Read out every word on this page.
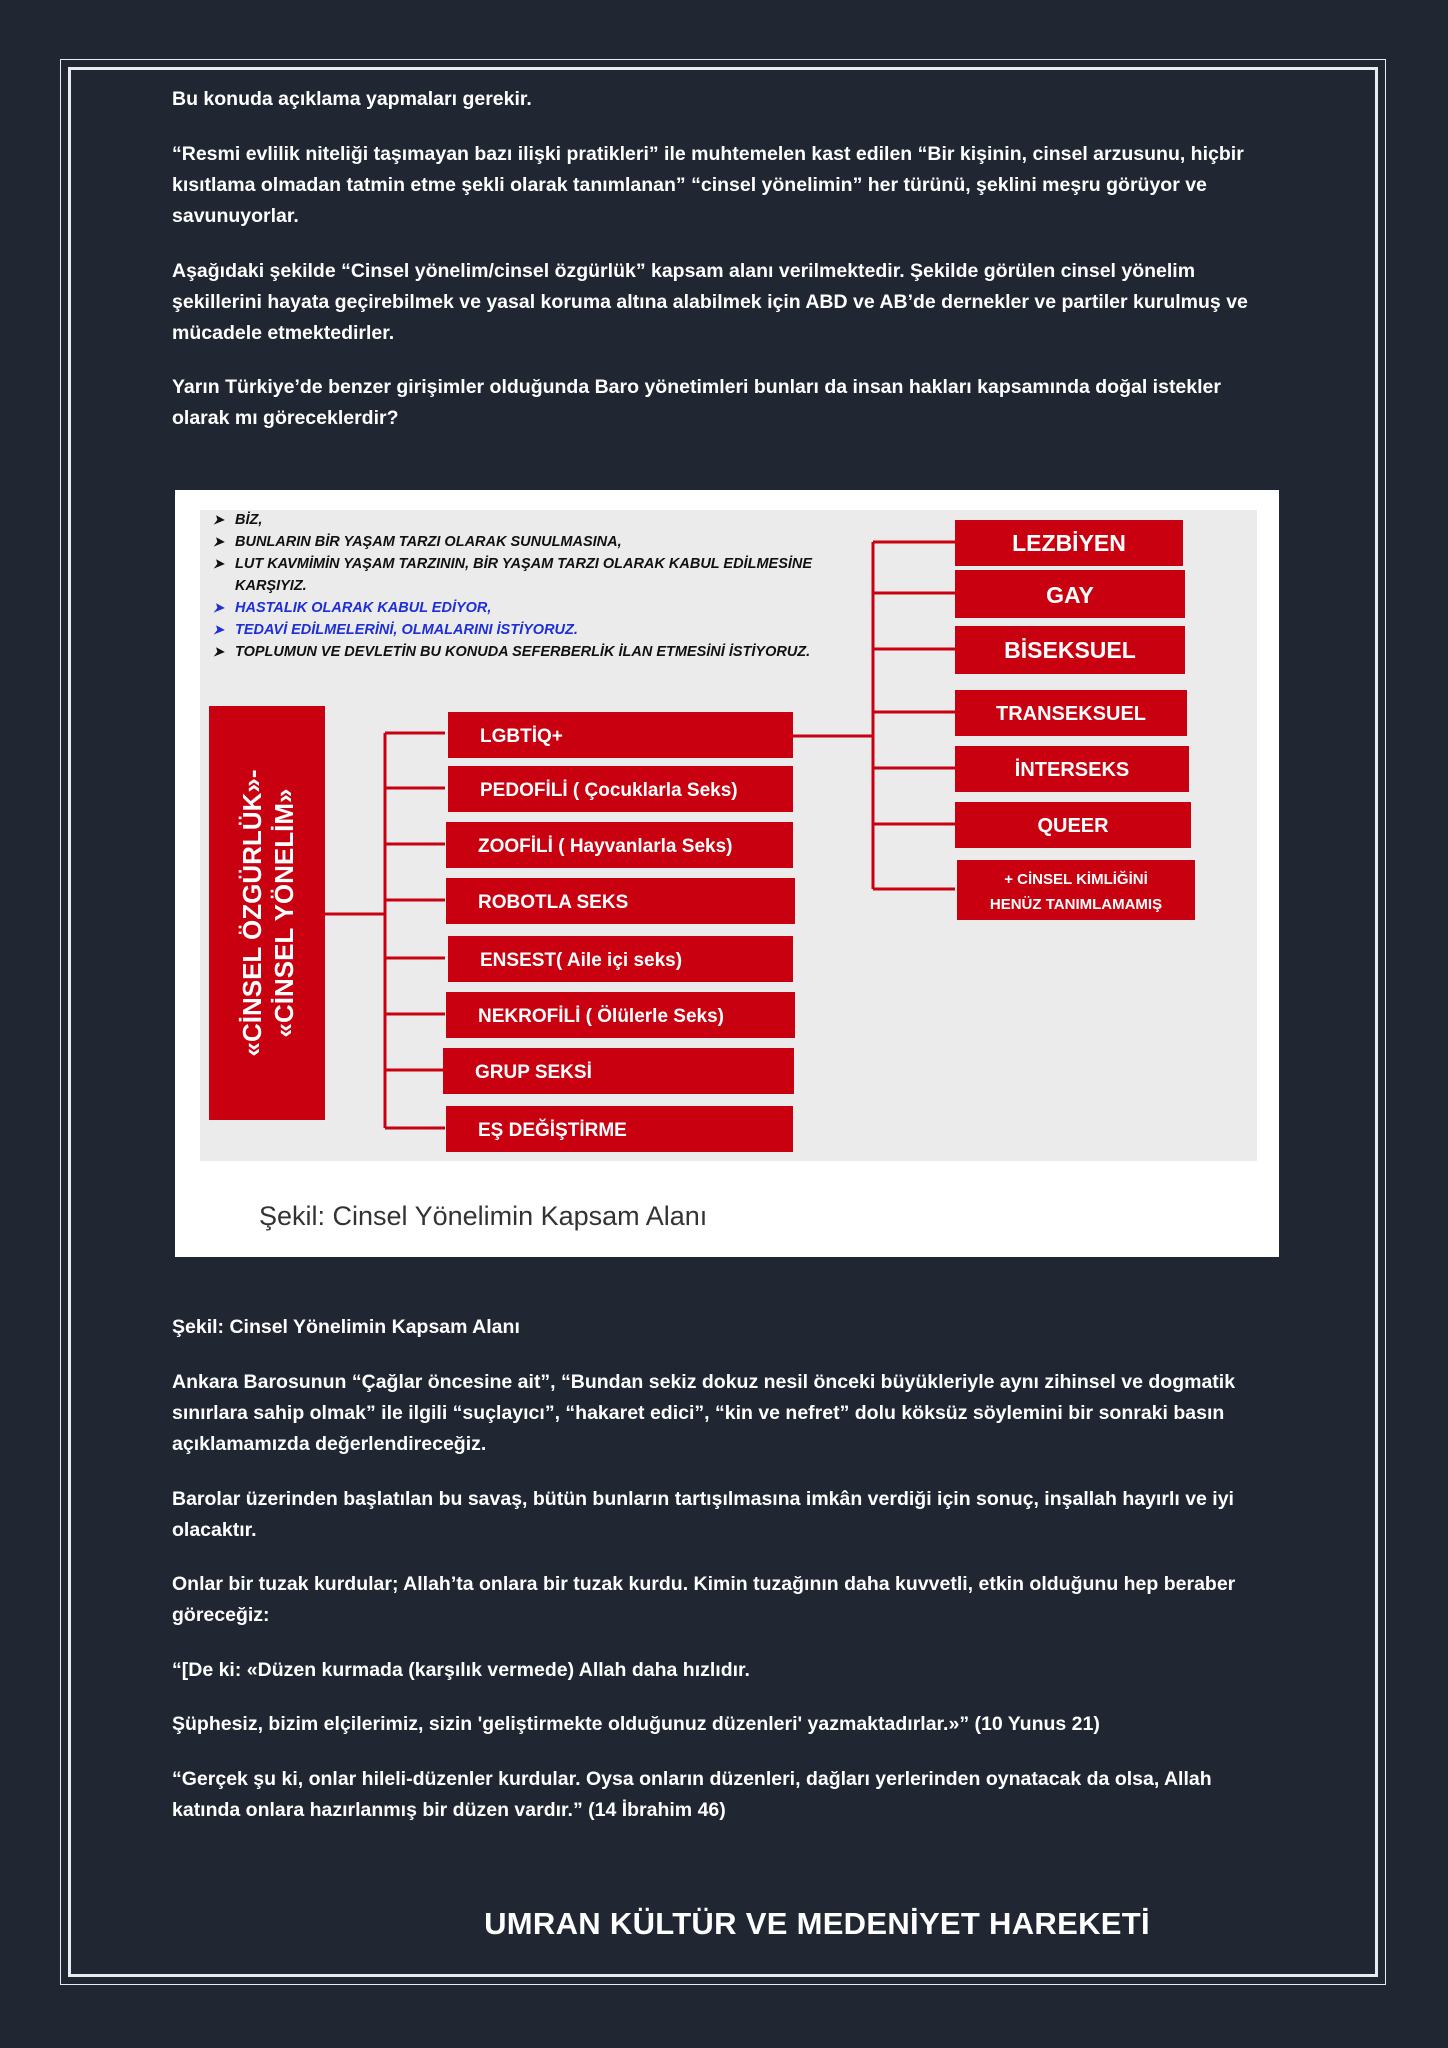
Bu konuda açıklama yapmaları gerekir.

“Resmi evlilik niteliği taşımayan bazı ilişki pratikleri” ile muhtemelen kast edilen “Bir kişinin, cinsel arzusunu, hiçbir kısıtlama olmadan tatmin etme şekli olarak tanımlanan” “cinsel yönelimin” her türünü, şeklini meşru görüyor ve savunuyorlar.

Aşağıdaki şekilde “Cinsel yönelim/cinsel özgürlük” kapsam alanı verilmektedir. Şekilde görülen cinsel yönelim şekillerini hayata geçirebilmek ve yasal koruma altına alabilmek için ABD ve AB’de dernekler ve partiler kurulmuş ve mücadele etmektedirler.

Yarın Türkiye’de benzer girişimler olduğunda Baro yönetimleri bunları da insan hakları kapsamında doğal istekler olarak mı göreceklerdir?

➤ BİZ,
➤ BUNLARIN BİR YAŞAM TARZI OLARAK SUNULMASINA,
➤ LUT KAVMİMİN YAŞAM TARZININ, BİR YAŞAM TARZI OLARAK KABUL EDİLMESİNE
KARŞIYIZ.
➤ HASTALIK OLARAK KABUL EDİYOR,
➤ TEDAVİ EDİLMELERİNİ, OLMALARINI İSTİYORUZ.
➤ TOPLUMUN VE DEVLETİN BU KONUDA SEFERBERLİK İLAN ETMESİNİ İSTİYORUZ.
«CİNSEL ÖZGÜRLÜK»- «CİNSEL YÖNELİM»
LGBTİQ+
PEDOFİLİ ( Çocuklarla Seks)
ZOOFİLİ ( Hayvanlarla Seks)
ROBOTLA SEKS
ENSEST( Aile içi seks)
NEKROFİLİ ( Ölülerle Seks)
GRUP SEKSİ
EŞ DEĞİŞTİRME
LEZBİYEN
GAY
BİSEKSUEL
TRANSEKSUEL
İNTERSEKS
QUEER
+ CİNSEL KİMLİĞİNİ
HENÜZ TANIMLAMAMIŞ
Şekil: Cinsel Yönelimin Kapsam Alanı

Şekil: Cinsel Yönelimin Kapsam Alanı

Ankara Barosunun “Çağlar öncesine ait”, “Bundan sekiz dokuz nesil önceki büyükleriyle aynı zihinsel ve dogmatik sınırlara sahip olmak” ile ilgili “suçlayıcı”, “hakaret edici”, “kin ve nefret” dolu köksüz söylemini bir sonraki basın açıklamamızda değerlendireceğiz.

Barolar üzerinden başlatılan bu savaş, bütün bunların tartışılmasına imkân verdiği için sonuç, inşallah hayırlı ve iyi olacaktır.

Onlar bir tuzak kurdular; Allah’ta onlara bir tuzak kurdu. Kimin tuzağının daha kuvvetli, etkin olduğunu hep beraber göreceğiz:

“[De ki: «Düzen kurmada (karşılık vermede) Allah daha hızlıdır.

Şüphesiz, bizim elçilerimiz, sizin 'geliştirmekte olduğunuz düzenleri' yazmaktadırlar.»” (10 Yunus 21)

“Gerçek şu ki, onlar hileli-düzenler kurdular. Oysa onların düzenleri, dağları yerlerinden oynatacak da olsa, Allah katında onlara hazırlanmış bir düzen vardır.” (14 İbrahim 46)

UMRAN KÜLTÜR VE MEDENİYET HAREKETİ
